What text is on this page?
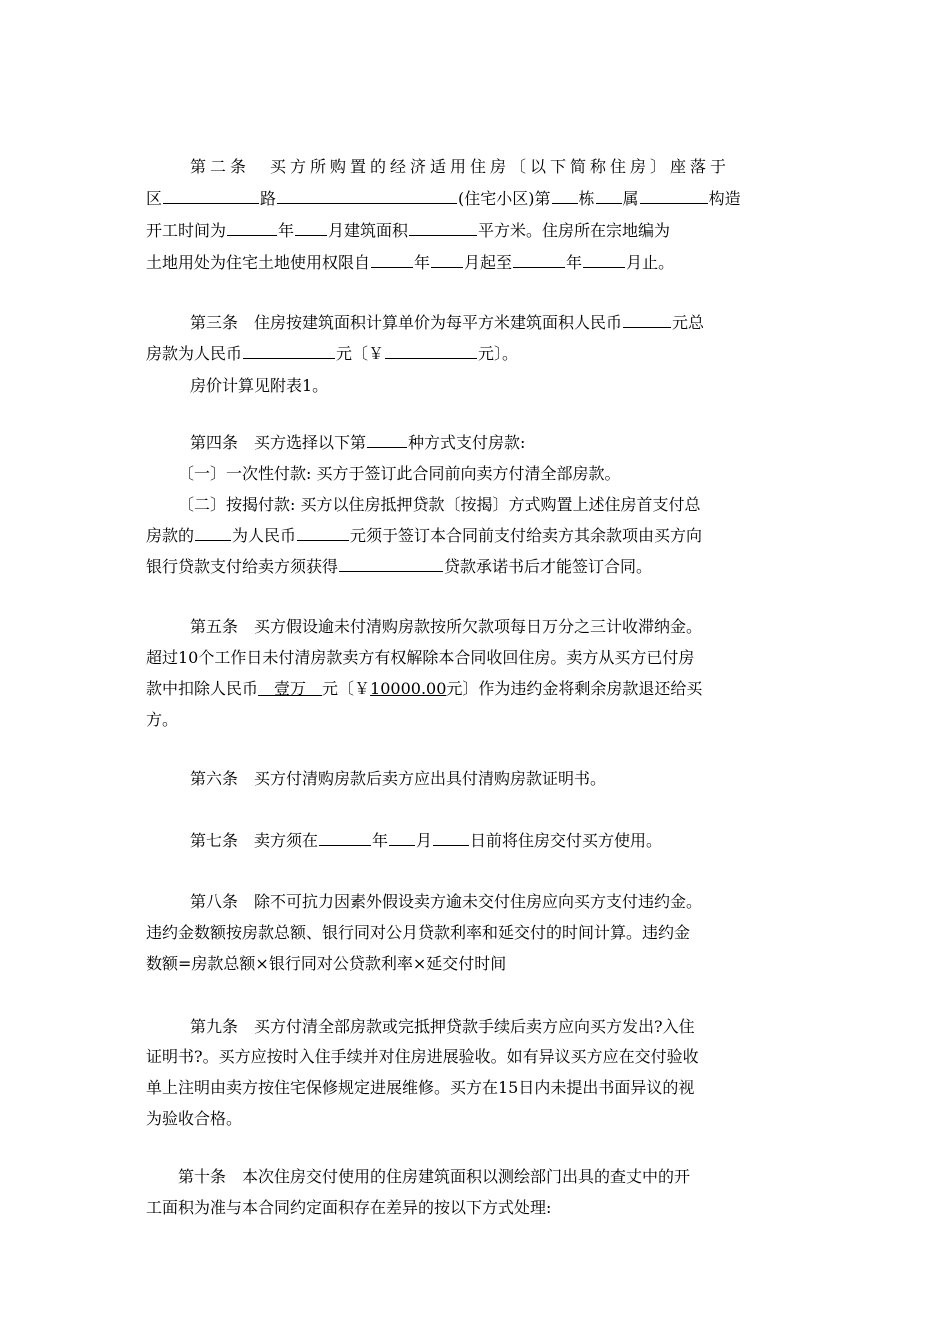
第二条　买方所购置的经济适用住房〔以下简称住房〕座落于
区	路	(住宅小区)第 栋 属	构造
开工时间为	年 月建筑面积	平方米。住房所在宗地编为
土地用处为住宅土地使用权限自	年 月起至	年	月止。
第三条　住房按建筑面积计算单价为每平方米建筑面积人民币	元总
房款为人民币	元〔￥	元〕。
房价计算见附表1。
第四条　买方选择以下第	种方式支付房款:
〔一〕一次性付款: 买方于签订此合同前向卖方付清全部房款。
〔二〕按揭付款: 买方以住房抵押贷款〔按揭〕方式购置上述住房首支付总
房款的 为人民币	元须于签订本合同前支付给卖方其余款项由买方向
银行贷款支付给卖方须获得	贷款承诺书后才能签订合同。
第五条　买方假设逾未付清购房款按所欠款项每日万分之三计收滞纳金。
超过10个工作日未付清房款卖方有权解除本合同收回住房。卖方从买方已付房
款中扣除人民币　壹万　元〔￥10000.00元〕作为违约金将剩余房款退还给买
方。
第六条　买方付清购房款后卖方应出具付清购房款证明书。
第七条　卖方须在	年 月 日前将住房交付买方使用。
第八条　除不可抗力因素外假设卖方逾未交付住房应向买方支付违约金。
违约金数额按房款总额、银行同对公月贷款利率和延交付的时间计算。违约金
数额=房款总额×银行同对公贷款利率×延交付时间
第九条　买方付清全部房款或完抵押贷款手续后卖方应向买方发出?入住
证明书?。买方应按时入住手续并对住房进展验收。如有异议买方应在交付验收
单上注明由卖方按住宅保修规定进展维修。买方在15日内未提出书面异议的视
为验收合格。
第十条　本次住房交付使用的住房建筑面积以测绘部门出具的查丈中的开
工面积为准与本合同约定面积存在差异的按以下方式处理:
